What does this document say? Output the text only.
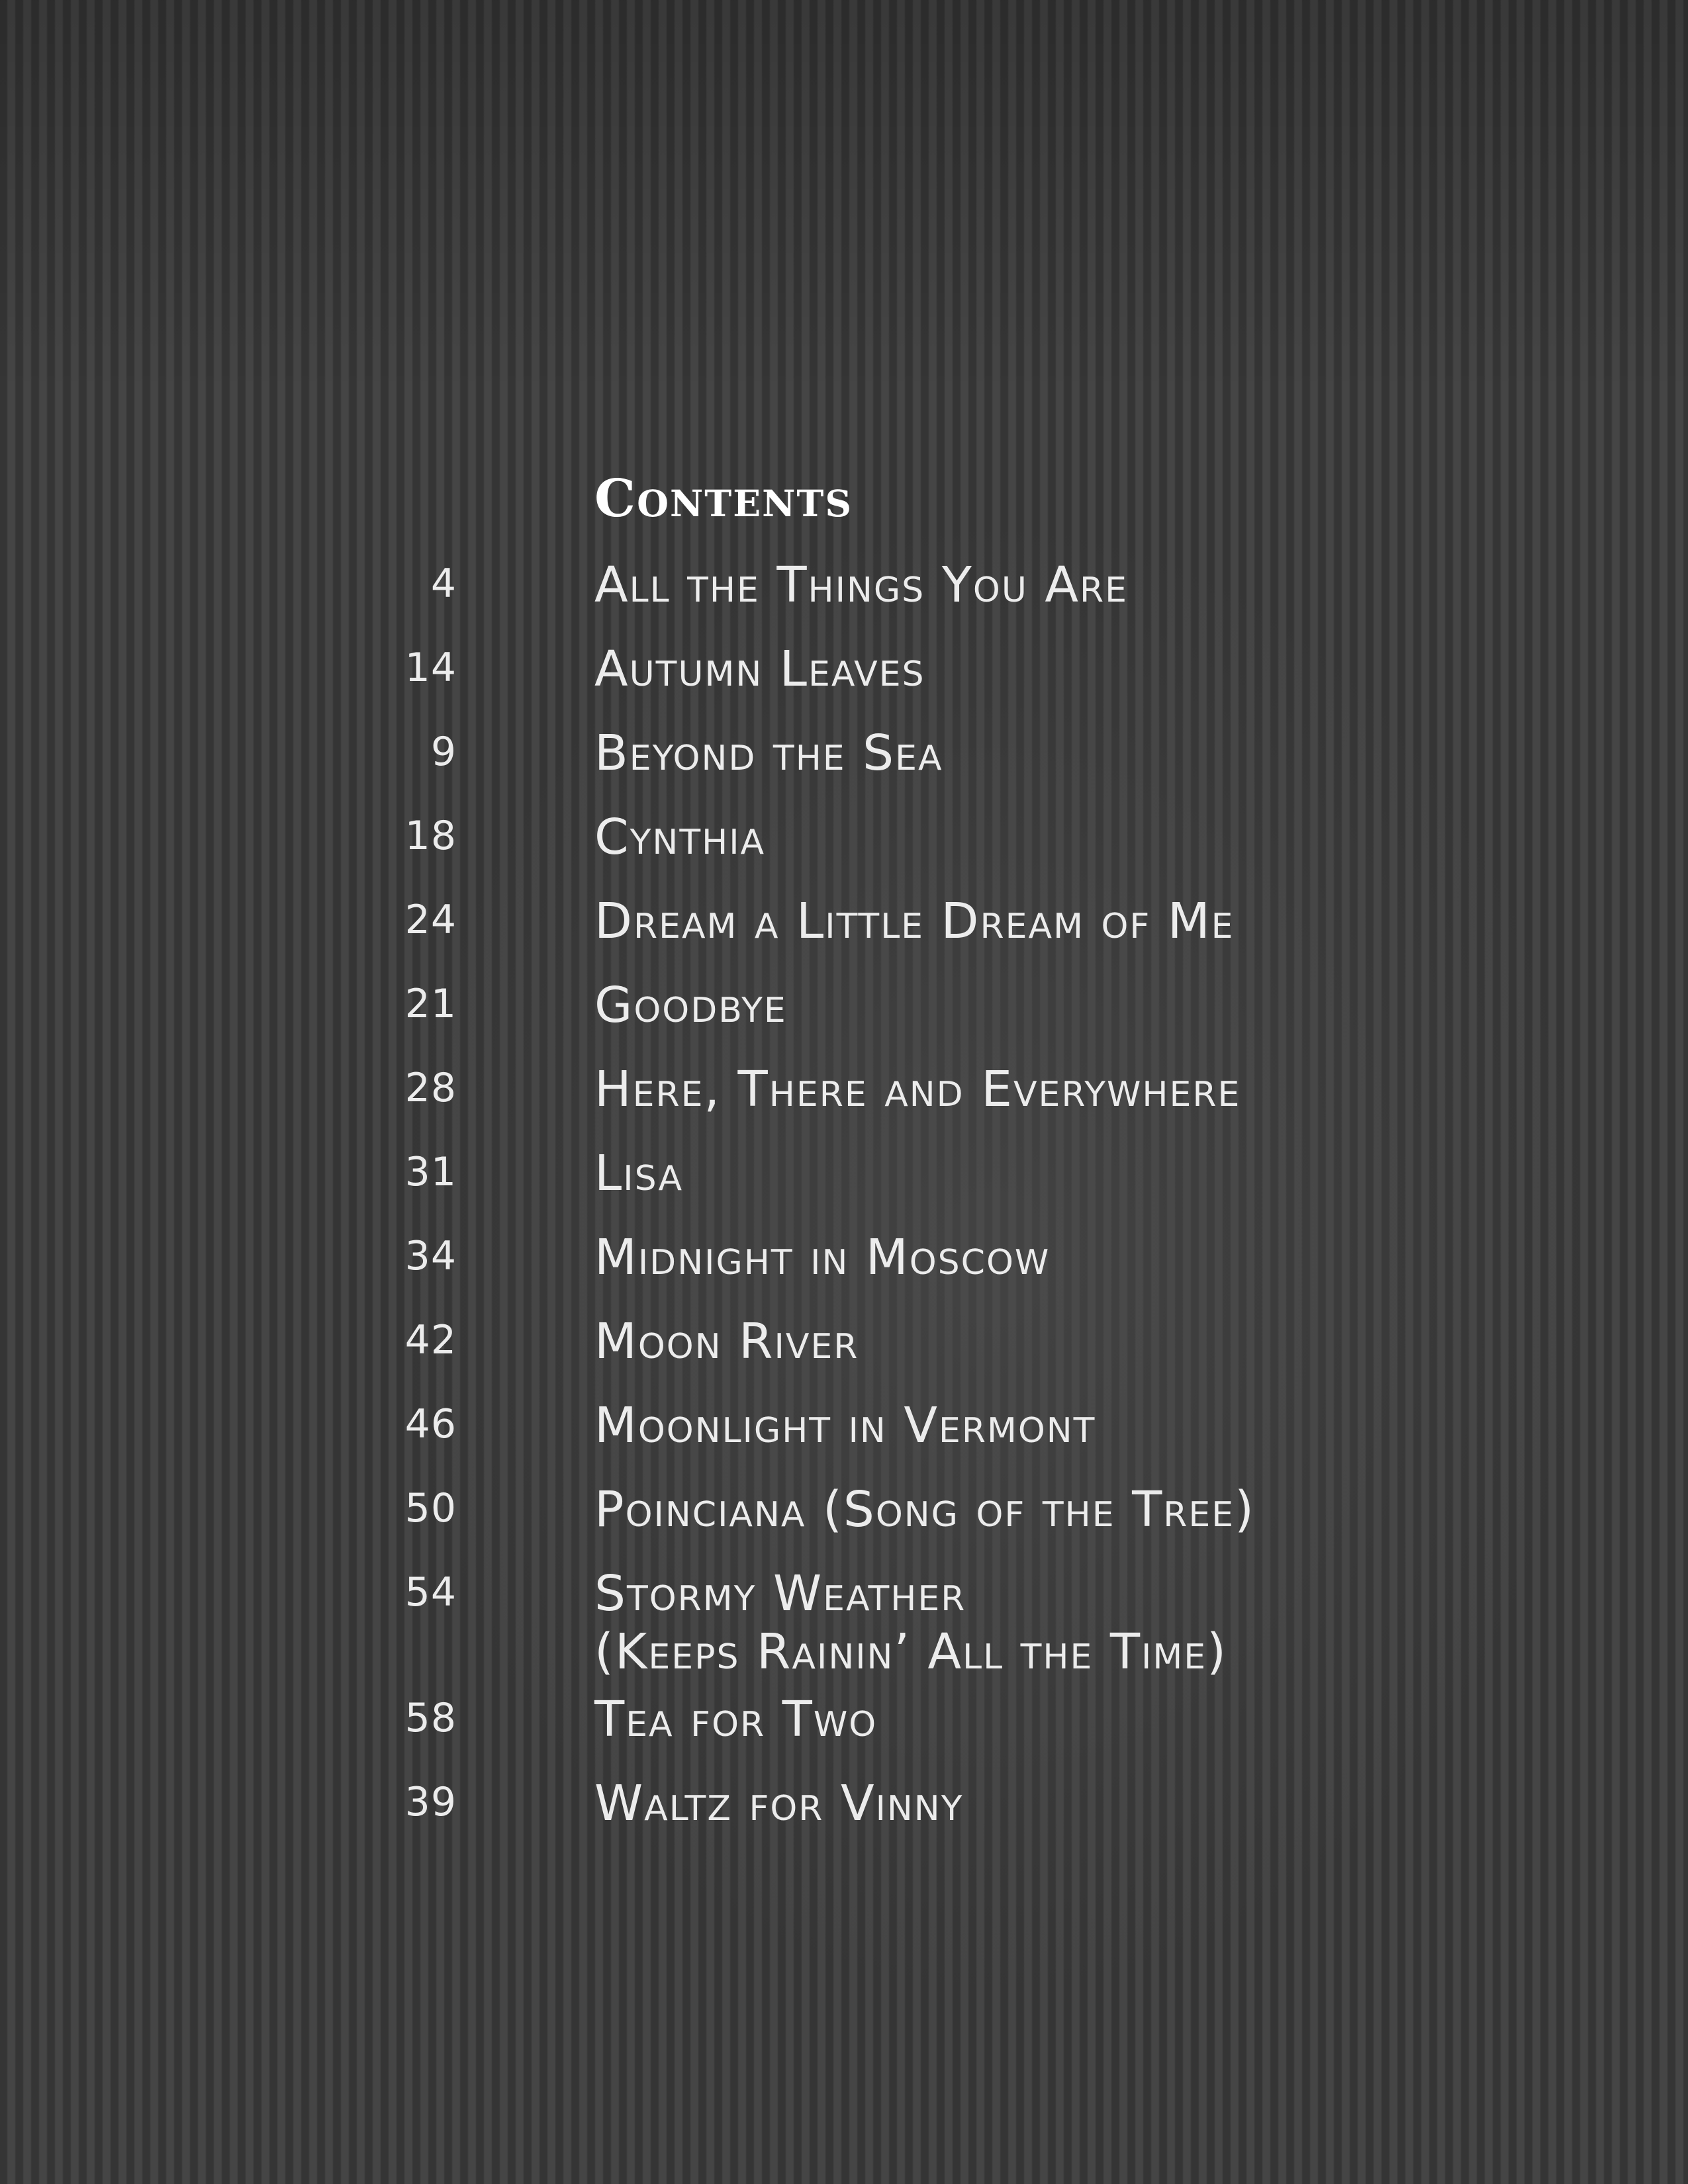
Contents
4	All the Things You Are
14	Autumn Leaves
9	Beyond the Sea
18	Cynthia
24	Dream a Little Dream of Me
21	Goodbye
28	Here, There and Everywhere
31	Lisa
34	Midnight in Moscow
42	Moon River
46	Moonlight in Vermont
50	Poinciana (Song of the Tree)
54	Stormy Weather
(Keeps Rainin’ All the Time)
58	Tea for Two
39	Waltz for Vinny
